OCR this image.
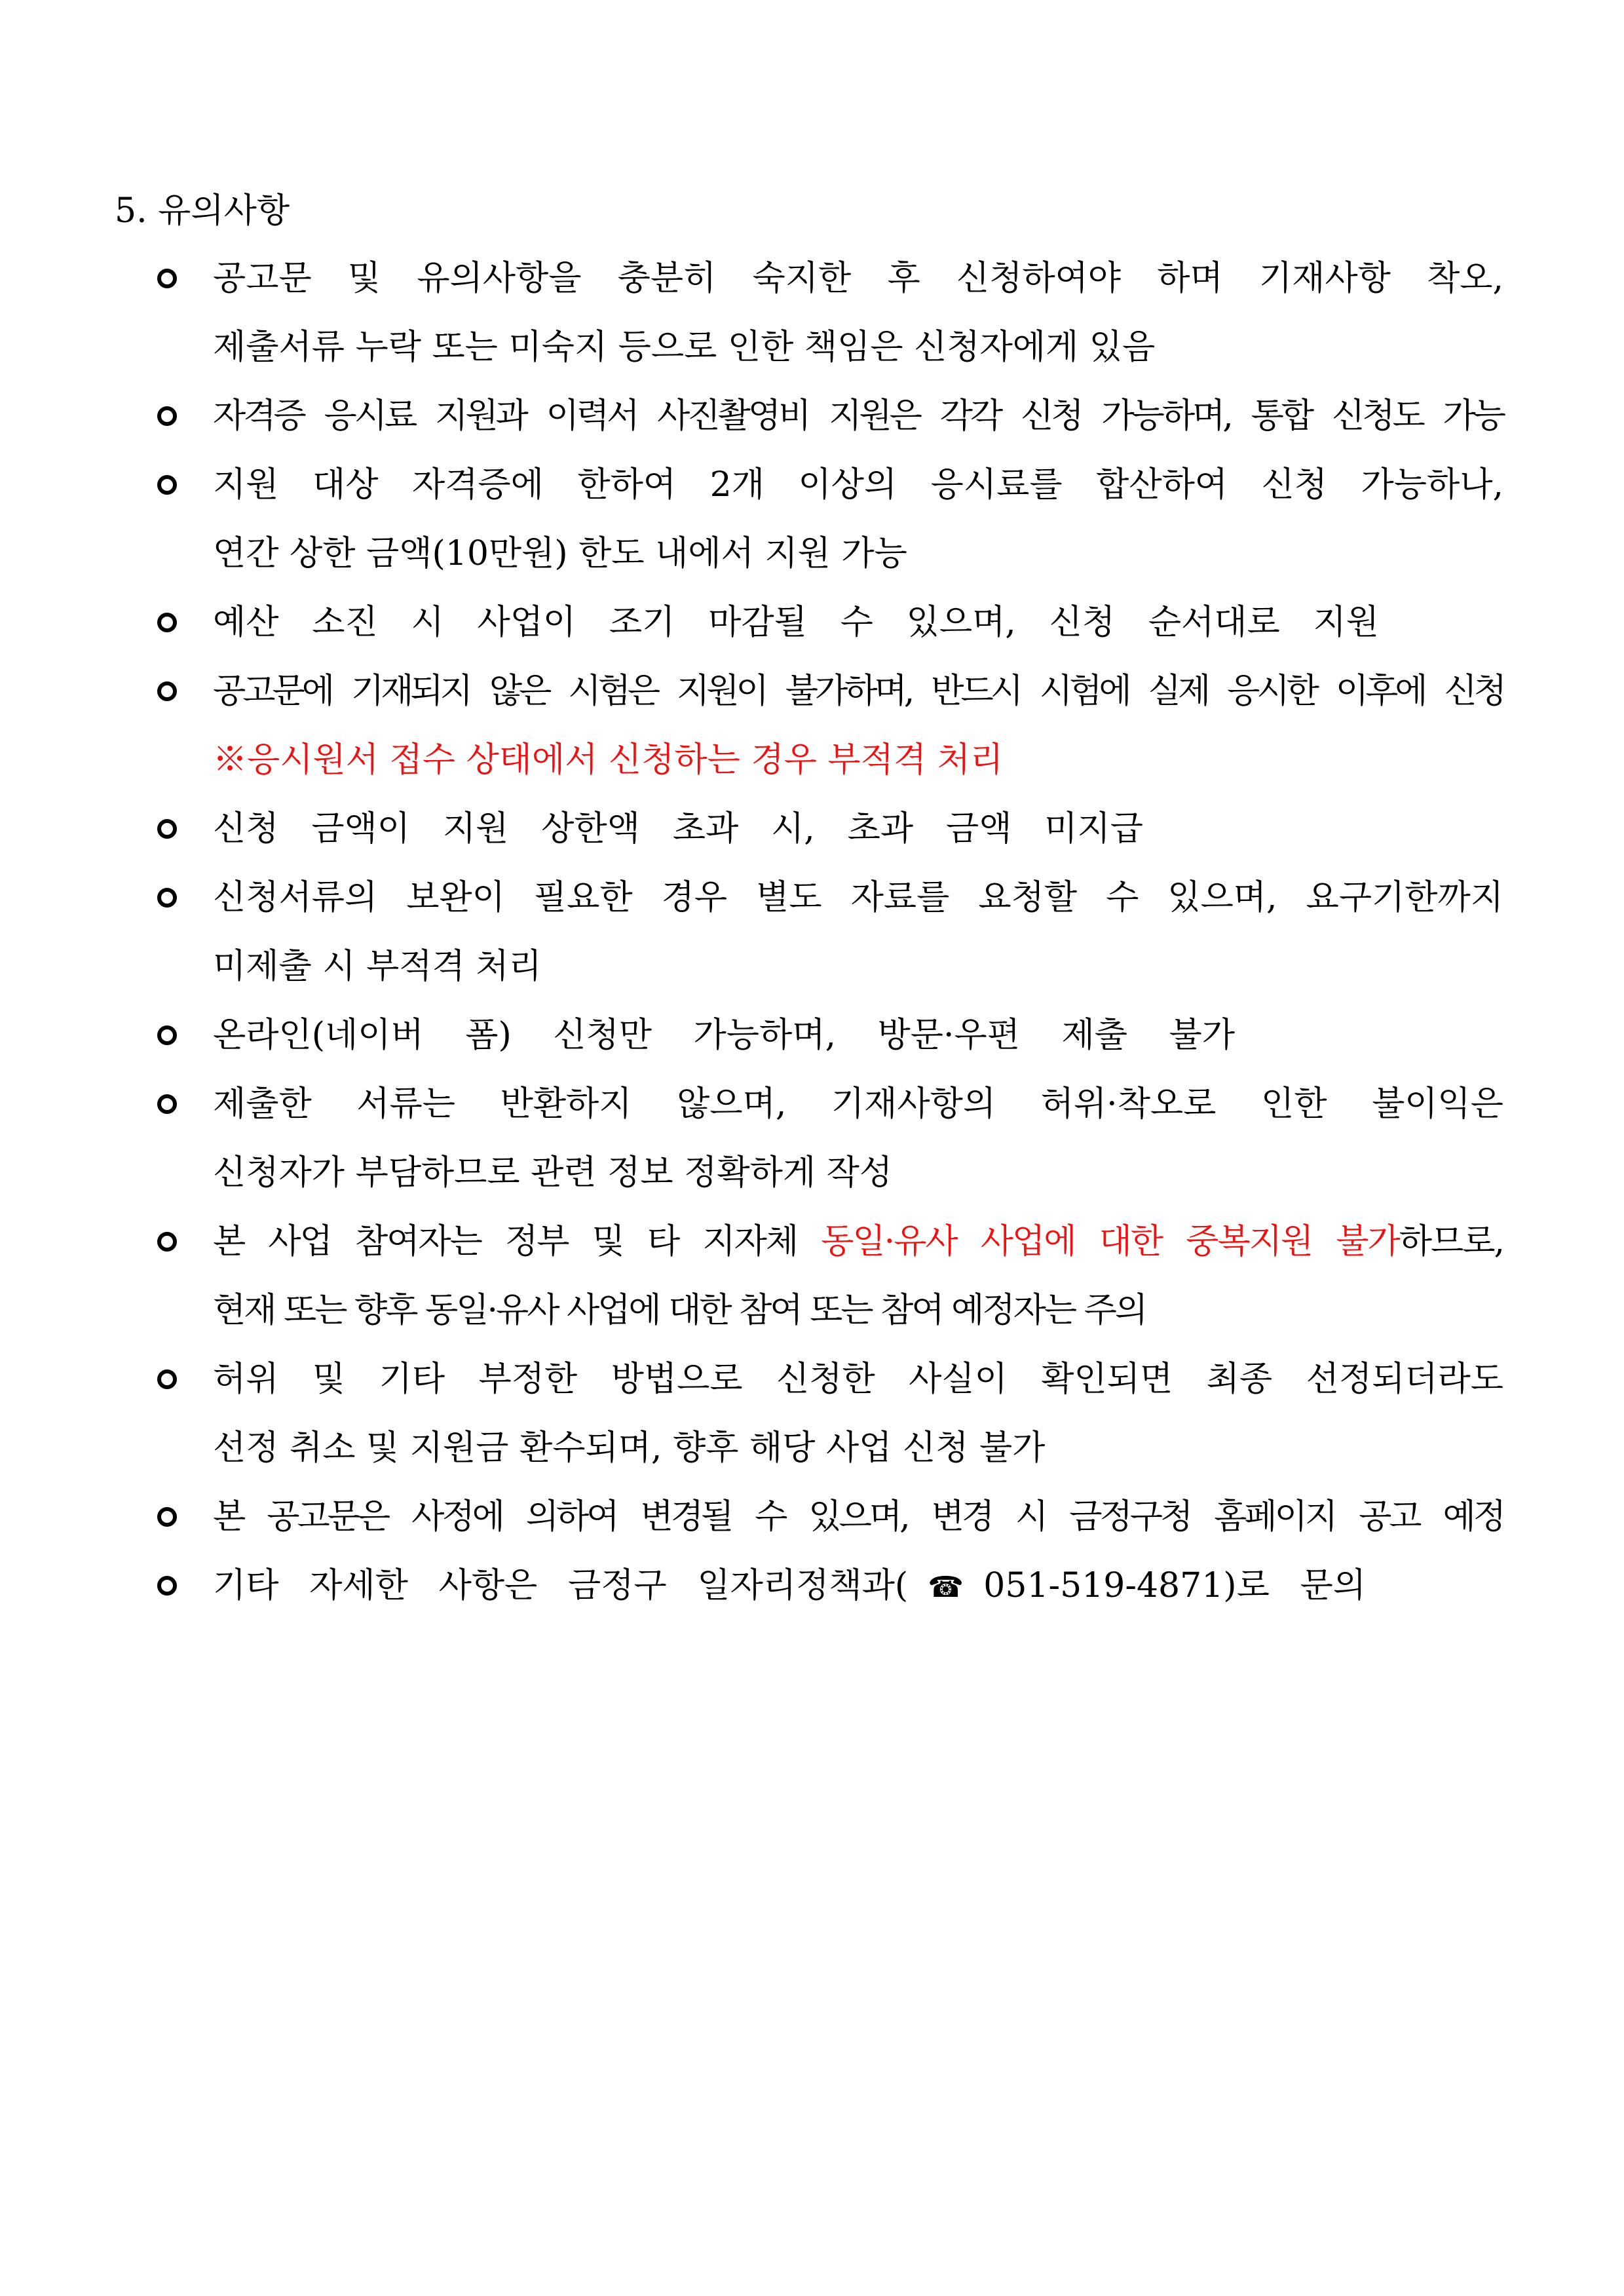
5. 유의사항
공고문 및 유의사항을 충분히 숙지한 후 신청하여야 하며 기재사항 착오,
제출서류 누락 또는 미숙지 등으로 인한 책임은 신청자에게 있음
자격증 응시료 지원과 이력서 사진촬영비 지원은 각각 신청 가능하며, 통합 신청도 가능
지원 대상 자격증에 한하여 2개 이상의 응시료를 합산하여 신청 가능하나,
연간 상한 금액(10만원) 한도 내에서 지원 가능
예산 소진 시 사업이 조기 마감될 수 있으며, 신청 순서대로 지원
공고문에 기재되지 않은 시험은 지원이 불가하며, 반드시 시험에 실제 응시한 이후에 신청
※응시원서 접수 상태에서 신청하는 경우 부적격 처리
신청 금액이 지원 상한액 초과 시, 초과 금액 미지급
신청서류의 보완이 필요한 경우 별도 자료를 요청할 수 있으며, 요구기한까지
미제출 시 부적격 처리
온라인(네이버 폼) 신청만 가능하며, 방문·우편 제출 불가
제출한 서류는 반환하지 않으며, 기재사항의 허위·착오로 인한 불이익은
신청자가 부담하므로 관련 정보 정확하게 작성
본 사업 참여자는 정부 및 타 지자체 동일·유사 사업에 대한 중복지원 불가하므로,
현재 또는 향후 동일·유사 사업에 대한 참여 또는 참여 예정자는 주의
허위 및 기타 부정한 방법으로 신청한 사실이 확인되면 최종 선정되더라도
선정 취소 및 지원금 환수되며, 향후 해당 사업 신청 불가
본 공고문은 사정에 의하여 변경될 수 있으며, 변경 시 금정구청 홈페이지 공고 예정
기타 자세한 사항은 금정구 일자리정책과(☎051-519-4871)로 문의
